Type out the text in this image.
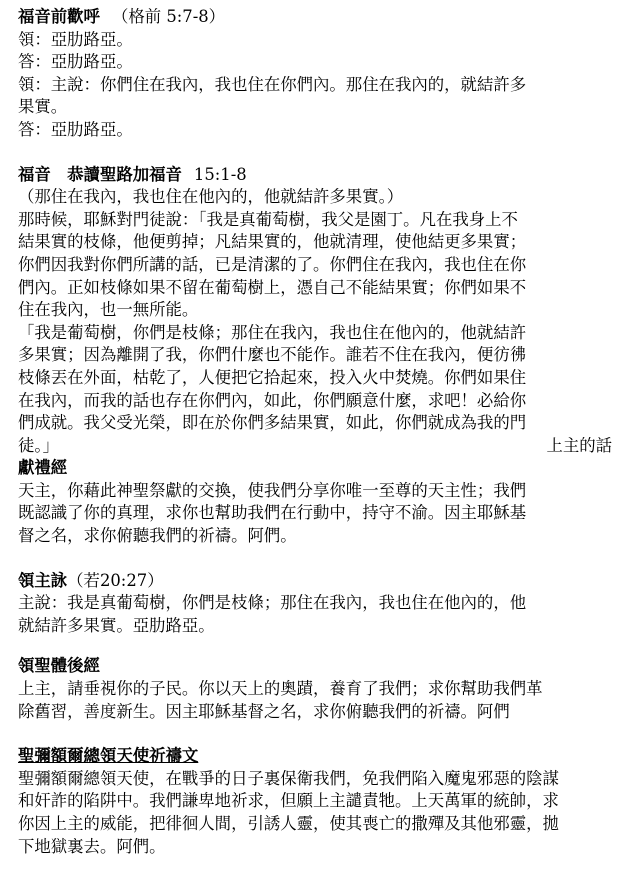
福音前歡呼 （格前 5:7-8）
領：亞肋路亞。
答：亞肋路亞。
領：主說：你們住在我內，我也住在你們內。那住在我內的，就結許多
果實。
答：亞肋路亞。
福音　恭讀聖路加福音 15:1-8
（那住在我內，我也住在他內的，他就結許多果實。）
那時候，耶穌對門徒說：「我是真葡萄樹，我父是園丁。凡在我身上不
結果實的枝條，他便剪掉；凡結果實的，他就清理，使他結更多果實；
你們因我對你們所講的話，已是清潔的了。你們住在我內，我也住在你
們內。正如枝條如果不留在葡萄樹上，憑自己不能結果實；你們如果不
住在我內，也一無所能。
「我是葡萄樹，你們是枝條；那住在我內，我也住在他內的，他就結許
多果實；因為離開了我，你們什麼也不能作。誰若不住在我內，便彷彿
枝條丟在外面，枯乾了，人便把它拾起來，投入火中焚燒。你們如果住
在我內，而我的話也存在你們內，如此，你們願意什麼，求吧！必給你
們成就。我父受光榮，即在於你們多結果實，如此，你們就成為我的門
徒。」	上主的話
獻禮經
天主，你藉此神聖祭獻的交換，使我們分享你唯一至尊的天主性；我們
既認識了你的真理，求你也幫助我們在行動中，持守不渝。因主耶穌基
督之名，求你俯聽我們的祈禱。阿們。
領主詠（若20:27）
主說：我是真葡萄樹，你們是枝條；那住在我內，我也住在他內的，他
就結許多果實。亞肋路亞。
領聖體後經
上主，請垂視你的子民。你以天上的奧蹟，養育了我們；求你幫助我們革
除舊習，善度新生。因主耶穌基督之名，求你俯聽我們的祈禱。阿們
聖彌額爾總領天使祈禱文
聖彌額爾總領天使，在戰爭的日子裏保衛我們，免我們陷入魔鬼邪惡的陰謀
和奸詐的陷阱中。我們謙卑地祈求，但願上主譴責牠。上天萬軍的統帥，求
你因上主的威能，把徘徊人間，引誘人靈，使其喪亡的撒殫及其他邪靈，拋
下地獄裏去。阿們。
